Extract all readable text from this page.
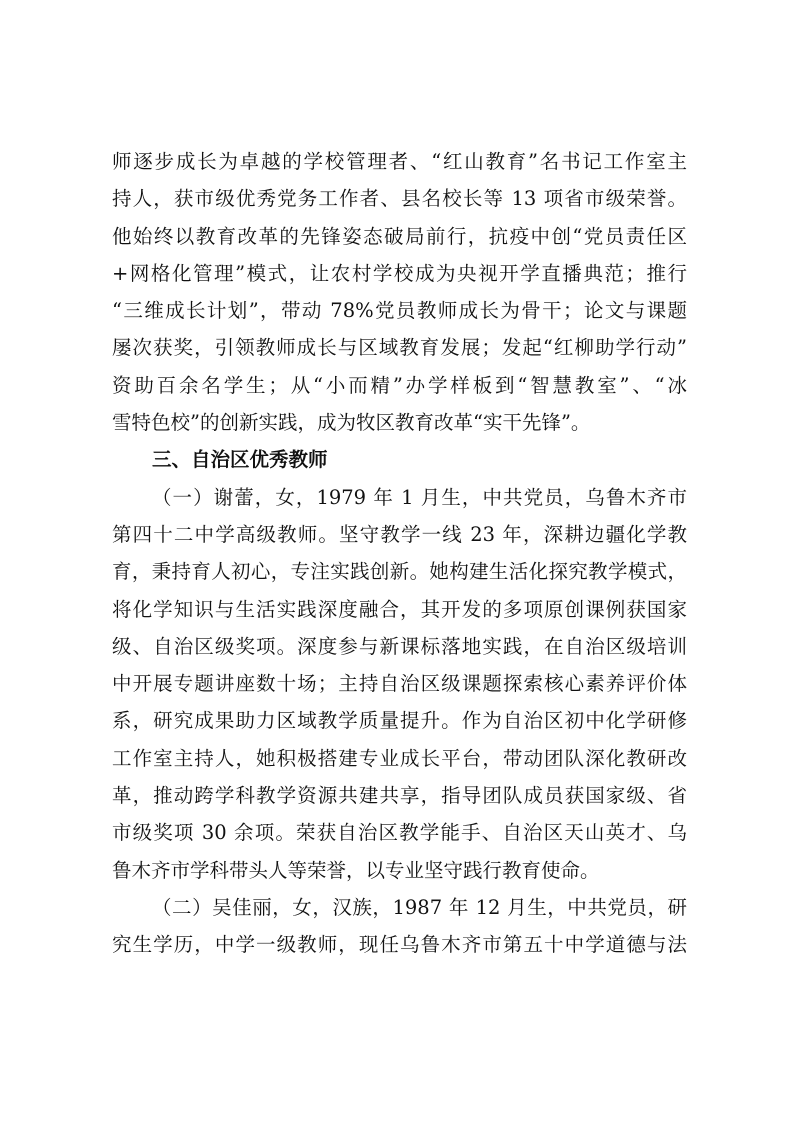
师逐步成长为卓越的学校管理者、“红山教育”名书记工作室主
持人，获市级优秀党务工作者、县名校长等 13 项省市级荣誉。
他始终以教育改革的先锋姿态破局前行，抗疫中创“党员责任区
+网格化管理”模式，让农村学校成为央视开学直播典范；推行
“三维成长计划”，带动 78%党员教师成长为骨干；论文与课题
屡次获奖，引领教师成长与区域教育发展；发起“红柳助学行动”
资助百余名学生；从“小而精”办学样板到“智慧教室”、“冰
雪特色校”的创新实践，成为牧区教育改革“实干先锋”。
三、自治区优秀教师
（一）谢蕾，女，1979 年 1 月生，中共党员，乌鲁木齐市
第四十二中学高级教师。坚守教学一线 23 年，深耕边疆化学教
育，秉持育人初心，专注实践创新。她构建生活化探究教学模式，
将化学知识与生活实践深度融合，其开发的多项原创课例获国家
级、自治区级奖项。深度参与新课标落地实践，在自治区级培训
中开展专题讲座数十场；主持自治区级课题探索核心素养评价体
系，研究成果助力区域教学质量提升。作为自治区初中化学研修
工作室主持人，她积极搭建专业成长平台，带动团队深化教研改
革，推动跨学科教学资源共建共享，指导团队成员获国家级、省
市级奖项 30 余项。荣获自治区教学能手、自治区天山英才、乌
鲁木齐市学科带头人等荣誉，以专业坚守践行教育使命。
（二）吴佳丽，女，汉族，1987 年 12 月生，中共党员，研
究生学历，中学一级教师，现任乌鲁木齐市第五十中学道德与法
